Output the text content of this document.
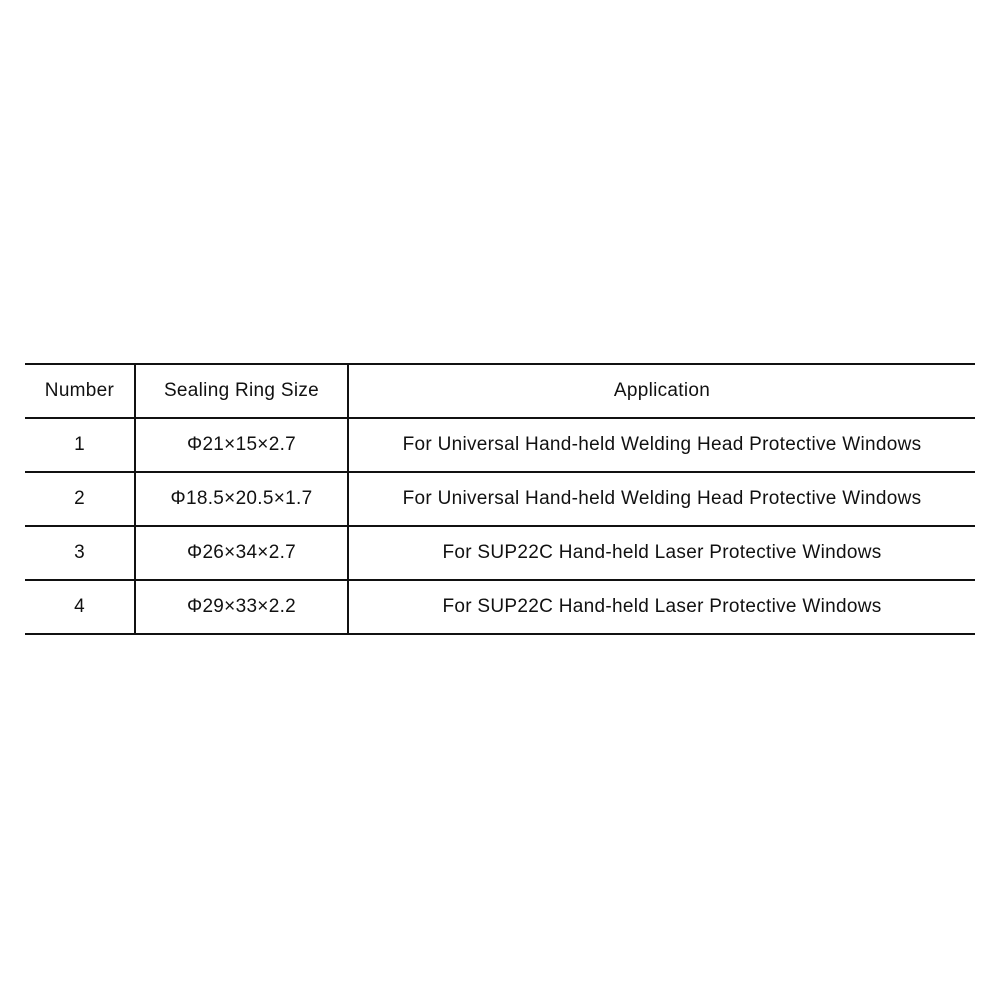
Number	Sealing Ring Size	Application
1	Φ21×15×2.7	For Universal Hand-held Welding Head Protective Windows
2	Φ18.5×20.5×1.7	For Universal Hand-held Welding Head Protective Windows
3	Φ26×34×2.7	For SUP22C Hand-held Laser Protective Windows
4	Φ29×33×2.2	For SUP22C Hand-held Laser Protective Windows
